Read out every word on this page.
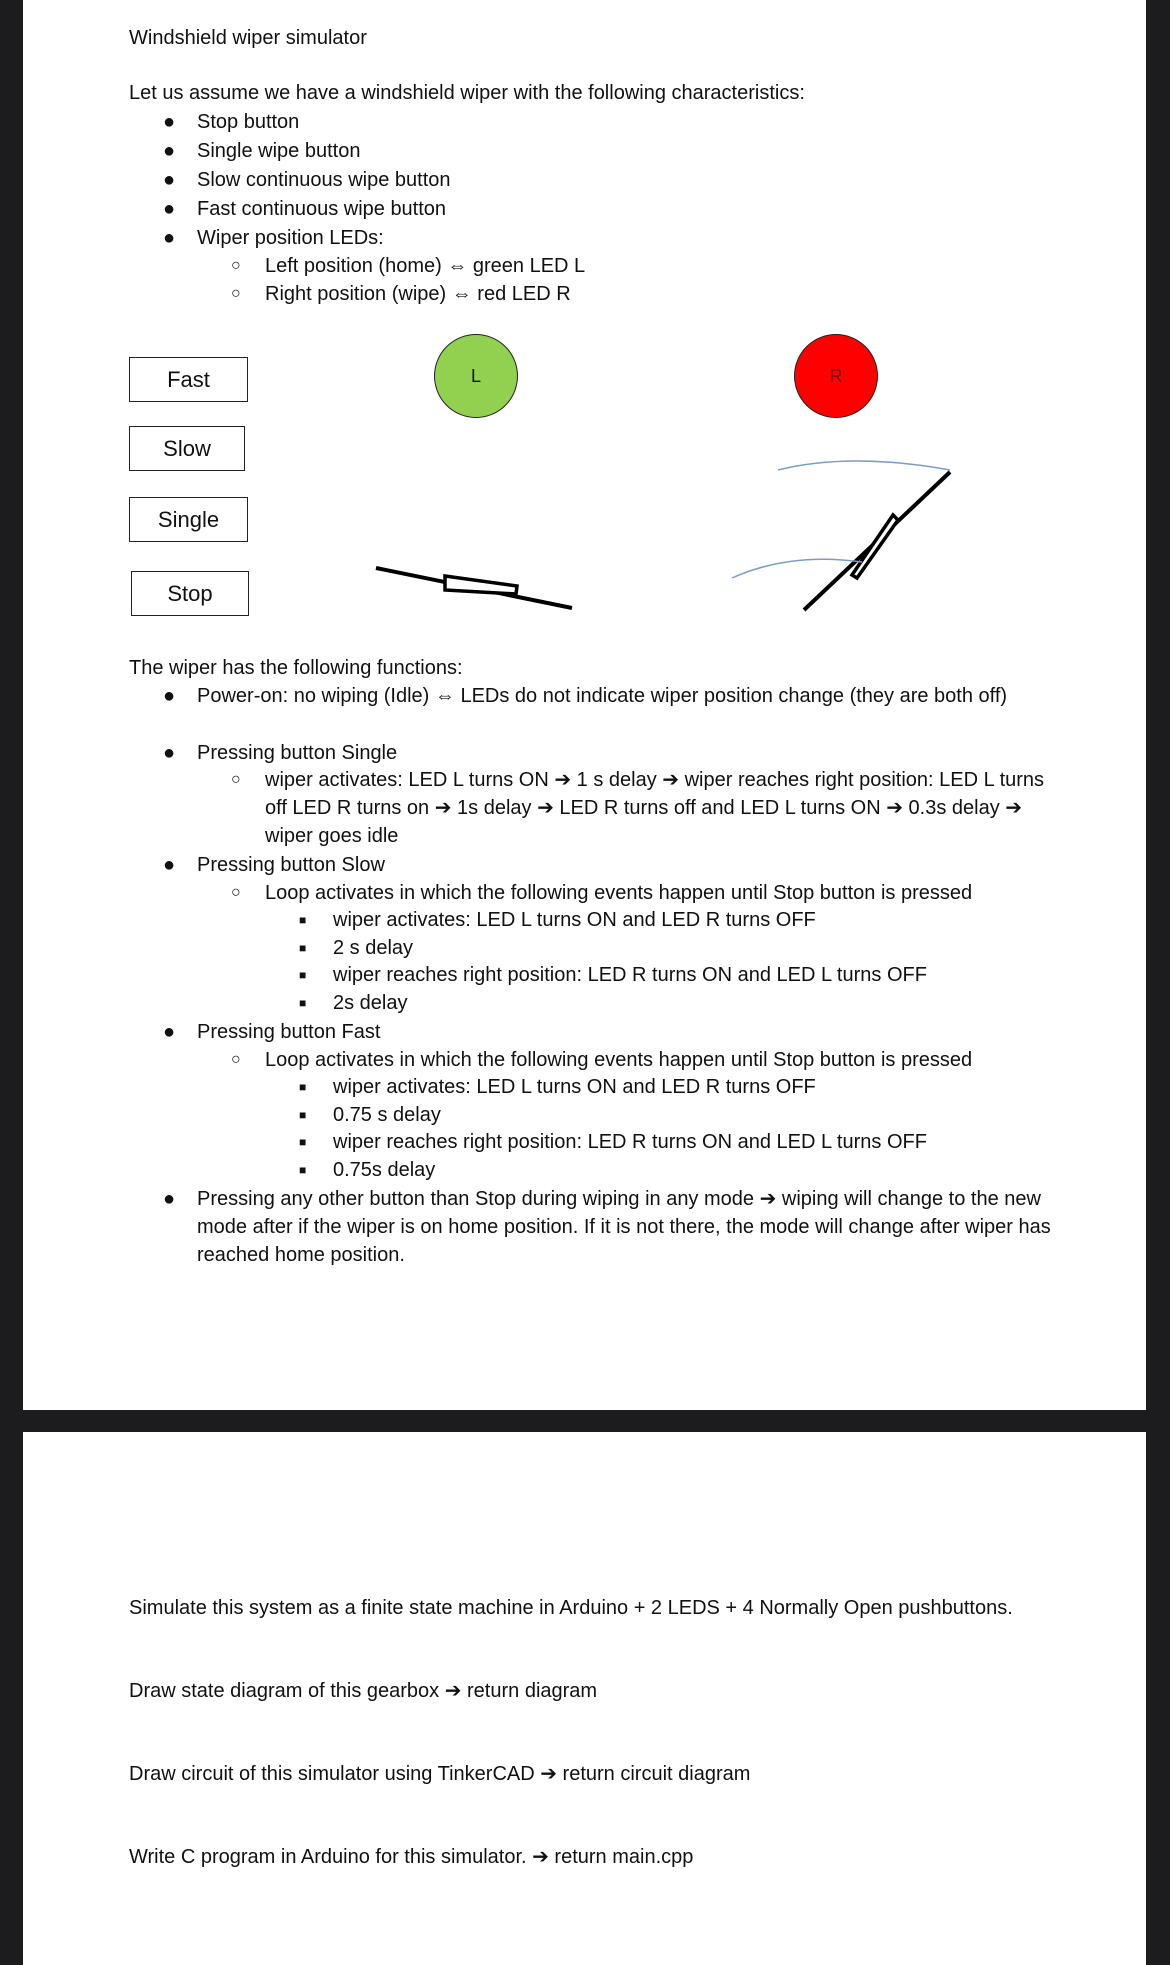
Windshield wiper simulator
Let us assume we have a windshield wiper with the following characteristics:
● Stop button
● Single wipe button
● Slow continuous wipe button
● Fast continuous wipe button
● Wiper position LEDs:
○ Left position (home) ⇔ green LED L
○ Right position (wipe) ⇔ red LED R
Fast
Slow
Single
Stop
L	R
The wiper has the following functions:
● Power-on: no wiping (Idle) ⇔ LEDs do not indicate wiper position change (they are both off)
● Pressing button Single
○ wiper activates: LED L turns ON ➔ 1 s delay ➔ wiper reaches right position: LED L turns off LED R turns on ➔ 1s delay ➔ LED R turns off and LED L turns ON ➔ 0.3s delay ➔ wiper goes idle
● Pressing button Slow
○ Loop activates in which the following events happen until Stop button is pressed
■ wiper activates: LED L turns ON and LED R turns OFF
■ 2 s delay
■ wiper reaches right position: LED R turns ON and LED L turns OFF
■ 2s delay
● Pressing button Fast
○ Loop activates in which the following events happen until Stop button is pressed
■ wiper activates: LED L turns ON and LED R turns OFF
■ 0.75 s delay
■ wiper reaches right position: LED R turns ON and LED L turns OFF
■ 0.75s delay
● Pressing any other button than Stop during wiping in any mode ➔ wiping will change to the new mode after if the wiper is on home position. If it is not there, the mode will change after wiper has reached home position.
Simulate this system as a finite state machine in Arduino + 2 LEDS + 4 Normally Open pushbuttons.
Draw state diagram of this gearbox ➔ return diagram
Draw circuit of this simulator using TinkerCAD ➔ return circuit diagram
Write C program in Arduino for this simulator. ➔ return main.cpp
